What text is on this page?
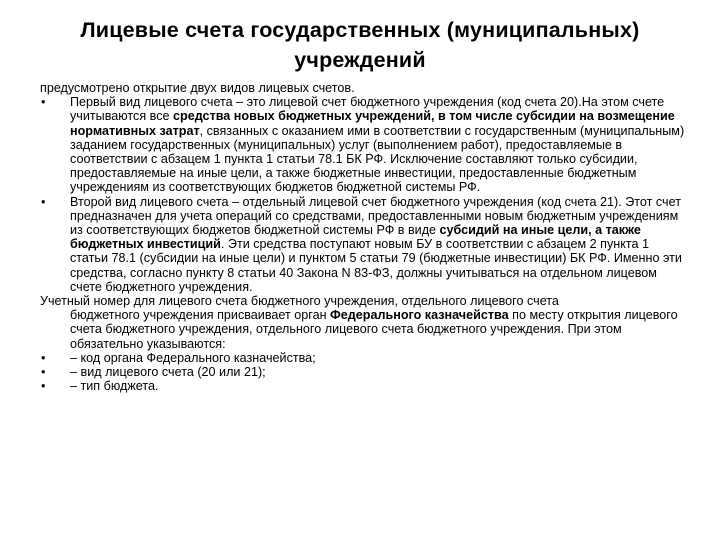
Лицевые счета государственных (муниципальных) учреждений

предусмотрено открытие двух видов лицевых счетов.

• Первый вид лицевого счета – это лицевой счет бюджетного учреждения (код счета 20).На этом счете учитываются все средства новых бюджетных учреждений, в том числе субсидии на возмещение нормативных затрат, связанных с оказанием ими в соответствии с государственным (муниципальным) заданием государственных (муниципальных) услуг (выполнением работ), предоставляемые в соответствии с абзацем 1 пункта 1 статьи 78.1 БК РФ. Исключение составляют только субсидии, предоставляемые на иные цели, а также бюджетные инвестиции, предоставленные бюджетным учреждениям из соответствующих бюджетов бюджетной системы РФ.

• Второй вид лицевого счета – отдельный лицевой счет бюджетного учреждения (код счета 21). Этот счет предназначен для учета операций со средствами, предоставленными новым бюджетным учреждениям из соответствующих бюджетов бюджетной системы РФ в виде субсидий на иные цели, а также бюджетных инвестиций. Эти средства поступают новым БУ в соответствии с абзацем 2 пункта 1 статьи 78.1 (субсидии на иные цели) и пунктом 5 статьи 79 (бюджетные инвестиции) БК РФ. Именно эти средства, согласно пункту 8 статьи 40 Закона N 83-ФЗ, должны учитываться на отдельном лицевом счете бюджетного учреждения.

Учетный номер для лицевого счета бюджетного учреждения, отдельного лицевого счета

бюджетного учреждения присваивает орган Федерального казначейства по месту открытия лицевого счета бюджетного учреждения, отдельного лицевого счета бюджетного учреждения. При этом обязательно указываются:

• – код органа Федерального казначейства;

• – вид лицевого счета (20 или 21);

• – тип бюджета.
